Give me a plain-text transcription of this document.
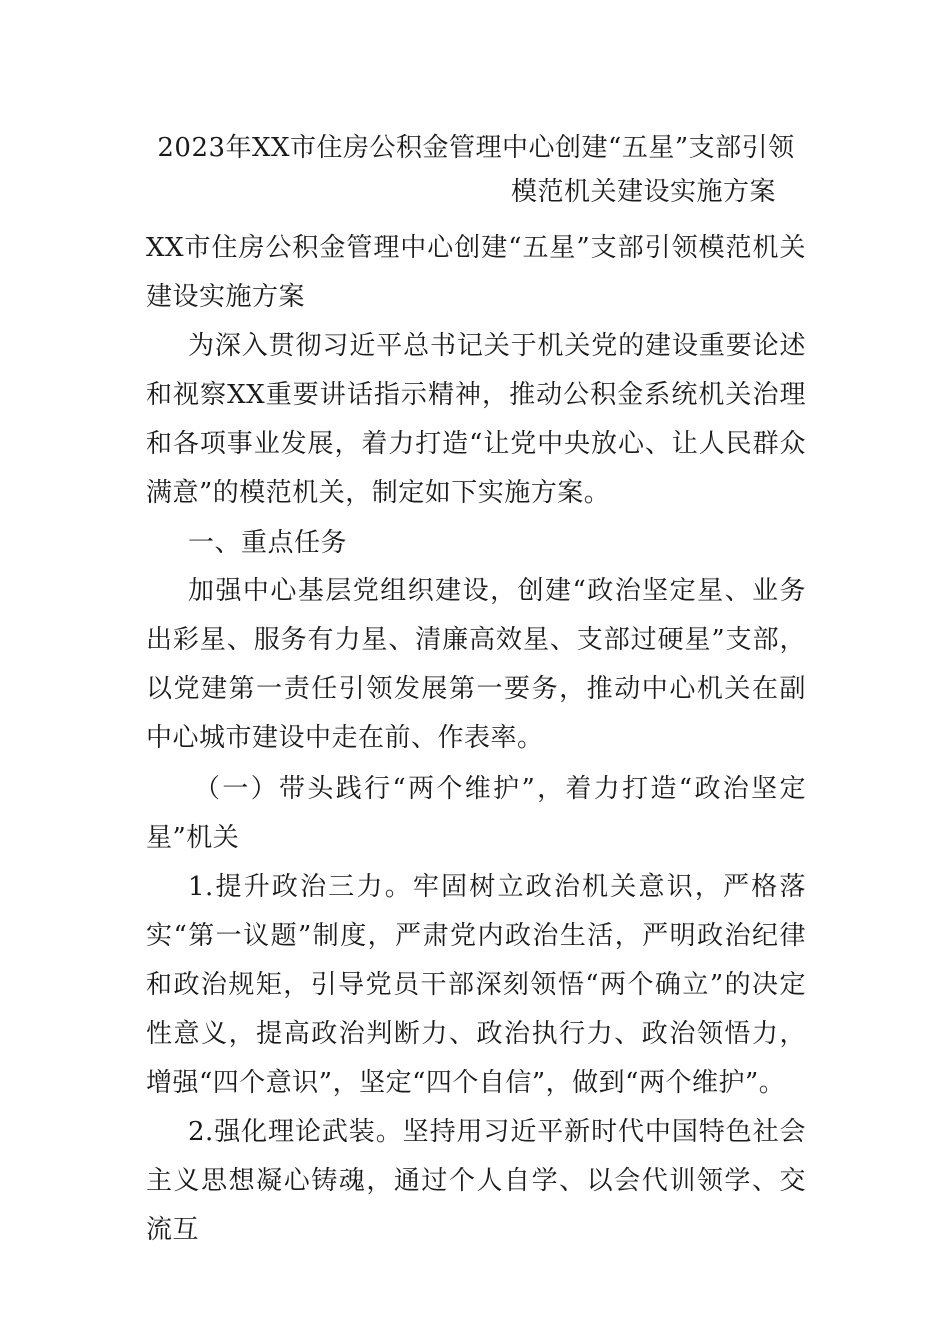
2023年XX市住房公积金管理中心创建“五星”支部引领
模范机关建设实施方案

XX市住房公积金管理中心创建“五星”支部引领模范机关建设实施方案

为深入贯彻习近平总书记关于机关党的建设重要论述和视察XX重要讲话指示精神，推动公积金系统机关治理和各项事业发展，着力打造“让党中央放心、让人民群众满意”的模范机关，制定如下实施方案。

一、重点任务

加强中心基层党组织建设，创建“政治坚定星、业务出彩星、服务有力星、清廉高效星、支部过硬星”支部，以党建第一责任引领发展第一要务，推动中心机关在副中心城市建设中走在前、作表率。

（一）带头践行“两个维护”，着力打造“政治坚定星”机关

1.提升政治三力。牢固树立政治机关意识，严格落实“第一议题”制度，严肃党内政治生活，严明政治纪律和政治规矩，引导党员干部深刻领悟“两个确立”的决定性意义，提高政治判断力、政治执行力、政治领悟力，增强“四个意识”，坚定“四个自信”，做到“两个维护”。

2.强化理论武装。坚持用习近平新时代中国特色社会主义思想凝心铸魂，通过个人自学、以会代训领学、交流互
